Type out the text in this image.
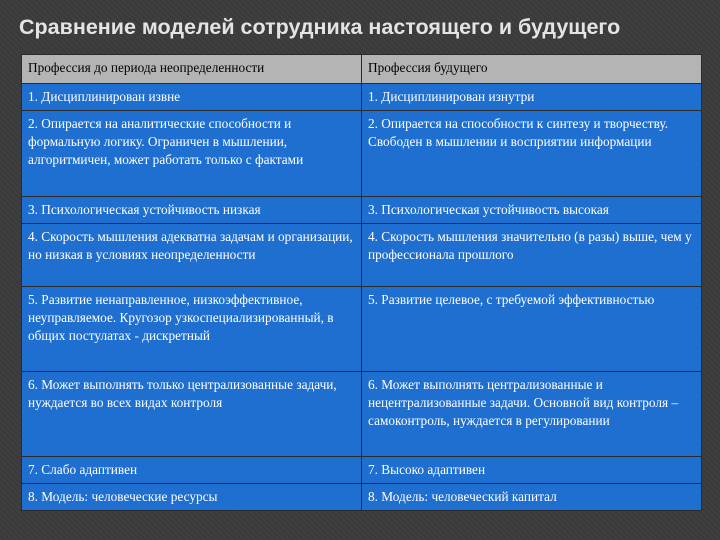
Сравнение моделей сотрудника настоящего и будущего
Профессия до периода неопределенности	Профессия будущего
1. Дисциплинирован извне	1. Дисциплинирован изнутри
2. Опирается на аналитические способности и формальную логику. Ограничен в мышлении, алгоритмичен, может работать только с фактами	2. Опирается на способности к синтезу и творчеству. Свободен в мышлении и восприятии информации
3. Психологическая устойчивость низкая	3. Психологическая устойчивость высокая
4. Скорость мышления адекватна задачам и организации, но низкая в условиях неопределенности	4. Скорость мышления значительно (в разы) выше, чем у профессионала прошлого
5. Развитие ненаправленное, низкоэффективное, неуправляемое. Кругозор узкоспециализированный, в общих постулатах - дискретный	5. Развитие целевое, с требуемой эффективностью
6. Может выполнять только централизованные задачи, нуждается во всех видах контроля	6. Может выполнять централизованные и нецентрализованные задачи. Основной вид контроля – самоконтроль, нуждается в регулировании
7. Слабо адаптивен	7. Высоко адаптивен
8. Модель: человеческие ресурсы	8. Модель: человеческий капитал
